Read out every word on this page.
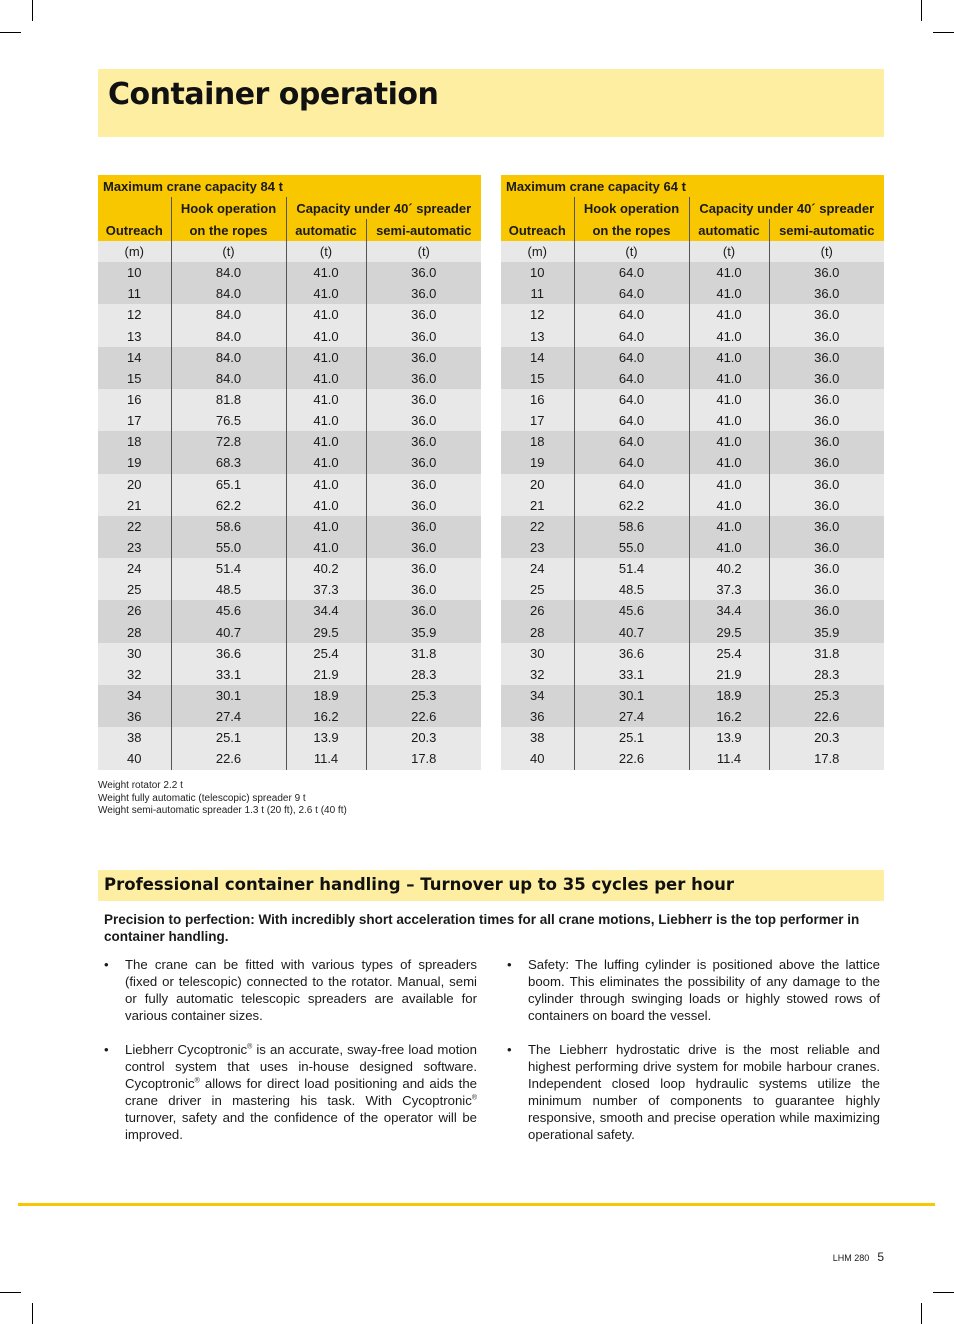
Container operation
Maximum crane capacity 84 t			
	Hook operation	Capacity under 40´ spreader	
Outreach	on the ropes	automatic	semi-automatic
(m)	(t)	(t)	(t)
10	84.0	41.0	36.0
11	84.0	41.0	36.0
12	84.0	41.0	36.0
13	84.0	41.0	36.0
14	84.0	41.0	36.0
15	84.0	41.0	36.0
16	81.8	41.0	36.0
17	76.5	41.0	36.0
18	72.8	41.0	36.0
19	68.3	41.0	36.0
20	65.1	41.0	36.0
21	62.2	41.0	36.0
22	58.6	41.0	36.0
23	55.0	41.0	36.0
24	51.4	40.2	36.0
25	48.5	37.3	36.0
26	45.6	34.4	36.0
28	40.7	29.5	35.9
30	36.6	25.4	31.8
32	33.1	21.9	28.3
34	30.1	18.9	25.3
36	27.4	16.2	22.6
38	25.1	13.9	20.3
40	22.6	11.4	17.8
Maximum crane capacity 64 t			
	Hook operation	Capacity under 40´ spreader	
Outreach	on the ropes	automatic	semi-automatic
(m)	(t)	(t)	(t)
10	64.0	41.0	36.0
11	64.0	41.0	36.0
12	64.0	41.0	36.0
13	64.0	41.0	36.0
14	64.0	41.0	36.0
15	64.0	41.0	36.0
16	64.0	41.0	36.0
17	64.0	41.0	36.0
18	64.0	41.0	36.0
19	64.0	41.0	36.0
20	64.0	41.0	36.0
21	62.2	41.0	36.0
22	58.6	41.0	36.0
23	55.0	41.0	36.0
24	51.4	40.2	36.0
25	48.5	37.3	36.0
26	45.6	34.4	36.0
28	40.7	29.5	35.9
30	36.6	25.4	31.8
32	33.1	21.9	28.3
34	30.1	18.9	25.3
36	27.4	16.2	22.6
38	25.1	13.9	20.3
40	22.6	11.4	17.8
Weight rotator 2.2 t
Weight fully automatic (telescopic) spreader 9 t
Weight semi-automatic spreader 1.3 t (20 ft), 2.6 t (40 ft)
Professional container handling – Turnover up to 35 cycles per hour
Precision to perfection: With incredibly short acceleration times for all crane motions, Liebherr is the top performer in container handling.
• The crane can be fitted with various types of spreaders (fixed or telescopic) connected to the rotator. Manual, semi or fully automatic telescopic spreaders are available for various container sizes.
• Liebherr Cycoptronic® is an accurate, sway-free load motion control system that uses in-house designed software. Cycoptronic® allows for direct load positioning and aids the crane driver in mastering his task. With Cycoptronic® turnover, safety and the confidence of the operator will be improved.
• Safety: The luffing cylinder is positioned above the lattice boom. This eliminates the possibility of any damage to the cylinder through swinging loads or highly stowed rows of containers on board the vessel.
• The Liebherr hydrostatic drive is the most reliable and highest performing drive system for mobile harbour cranes. Independent closed loop hydraulic systems utilize the minimum number of components to guarantee highly responsive, smooth and precise operation while maximizing operational safety.
LHM 280 5
